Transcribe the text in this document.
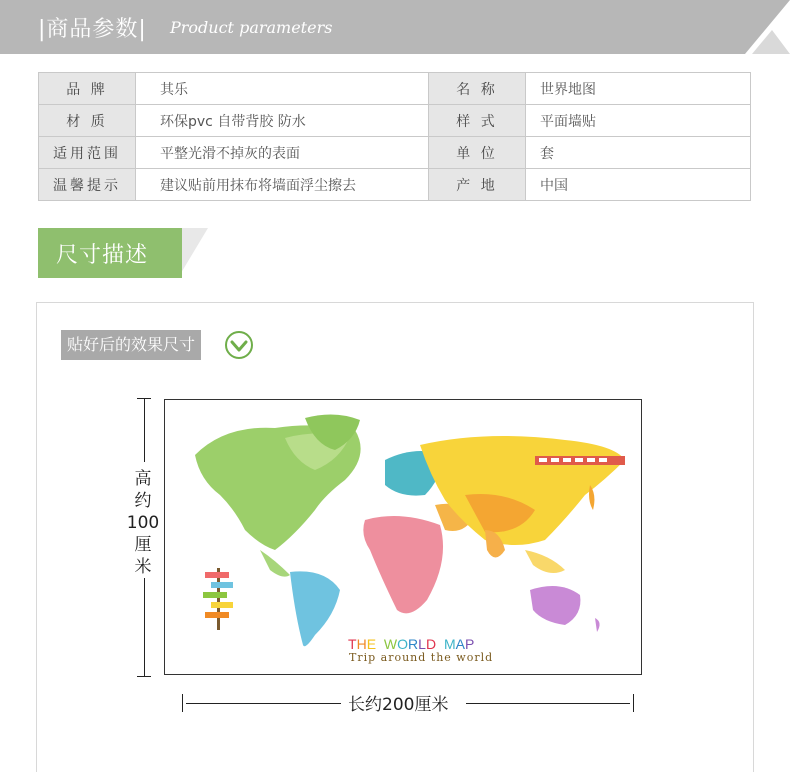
|商品参数| Product parameters
品 牌	其乐	名 称	世界地图
材 质	环保pvc 自带背胶 防水	样 式	平面墙贴
适用范围	平整光滑不掉灰的表面	单 位	套
温馨提示	建议贴前用抹布将墙面浮尘擦去	产 地	中国
尺寸描述
贴好后的效果尺寸
THE WORLD MAP
Trip around the world
高
约
100
厘
米
长约200厘米
